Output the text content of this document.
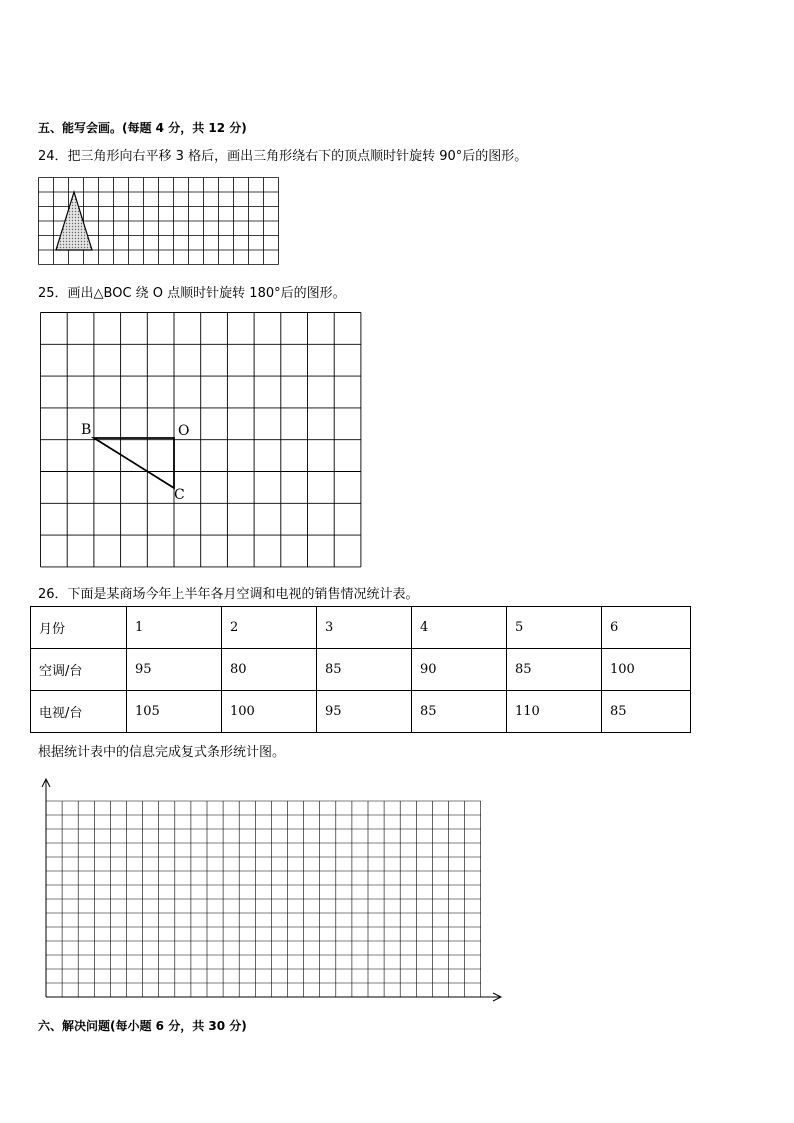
五、能写会画。(每题 4 分，共 12 分)
24．把三角形向右平移 3 格后，画出三角形绕右下的顶点顺时针旋转 90°后的图形。
25．画出△BOC 绕 O 点顺时针旋转 180°后的图形。
B	O
C
26．下面是某商场今年上半年各月空调和电视的销售情况统计表。
月份	1	2	3	4	5	6
空调/台	95	80	85	90	85	100
电视/台	105	100	95	85	110	85
根据统计表中的信息完成复式条形统计图。
六、解决问题(每小题 6 分，共 30 分)
